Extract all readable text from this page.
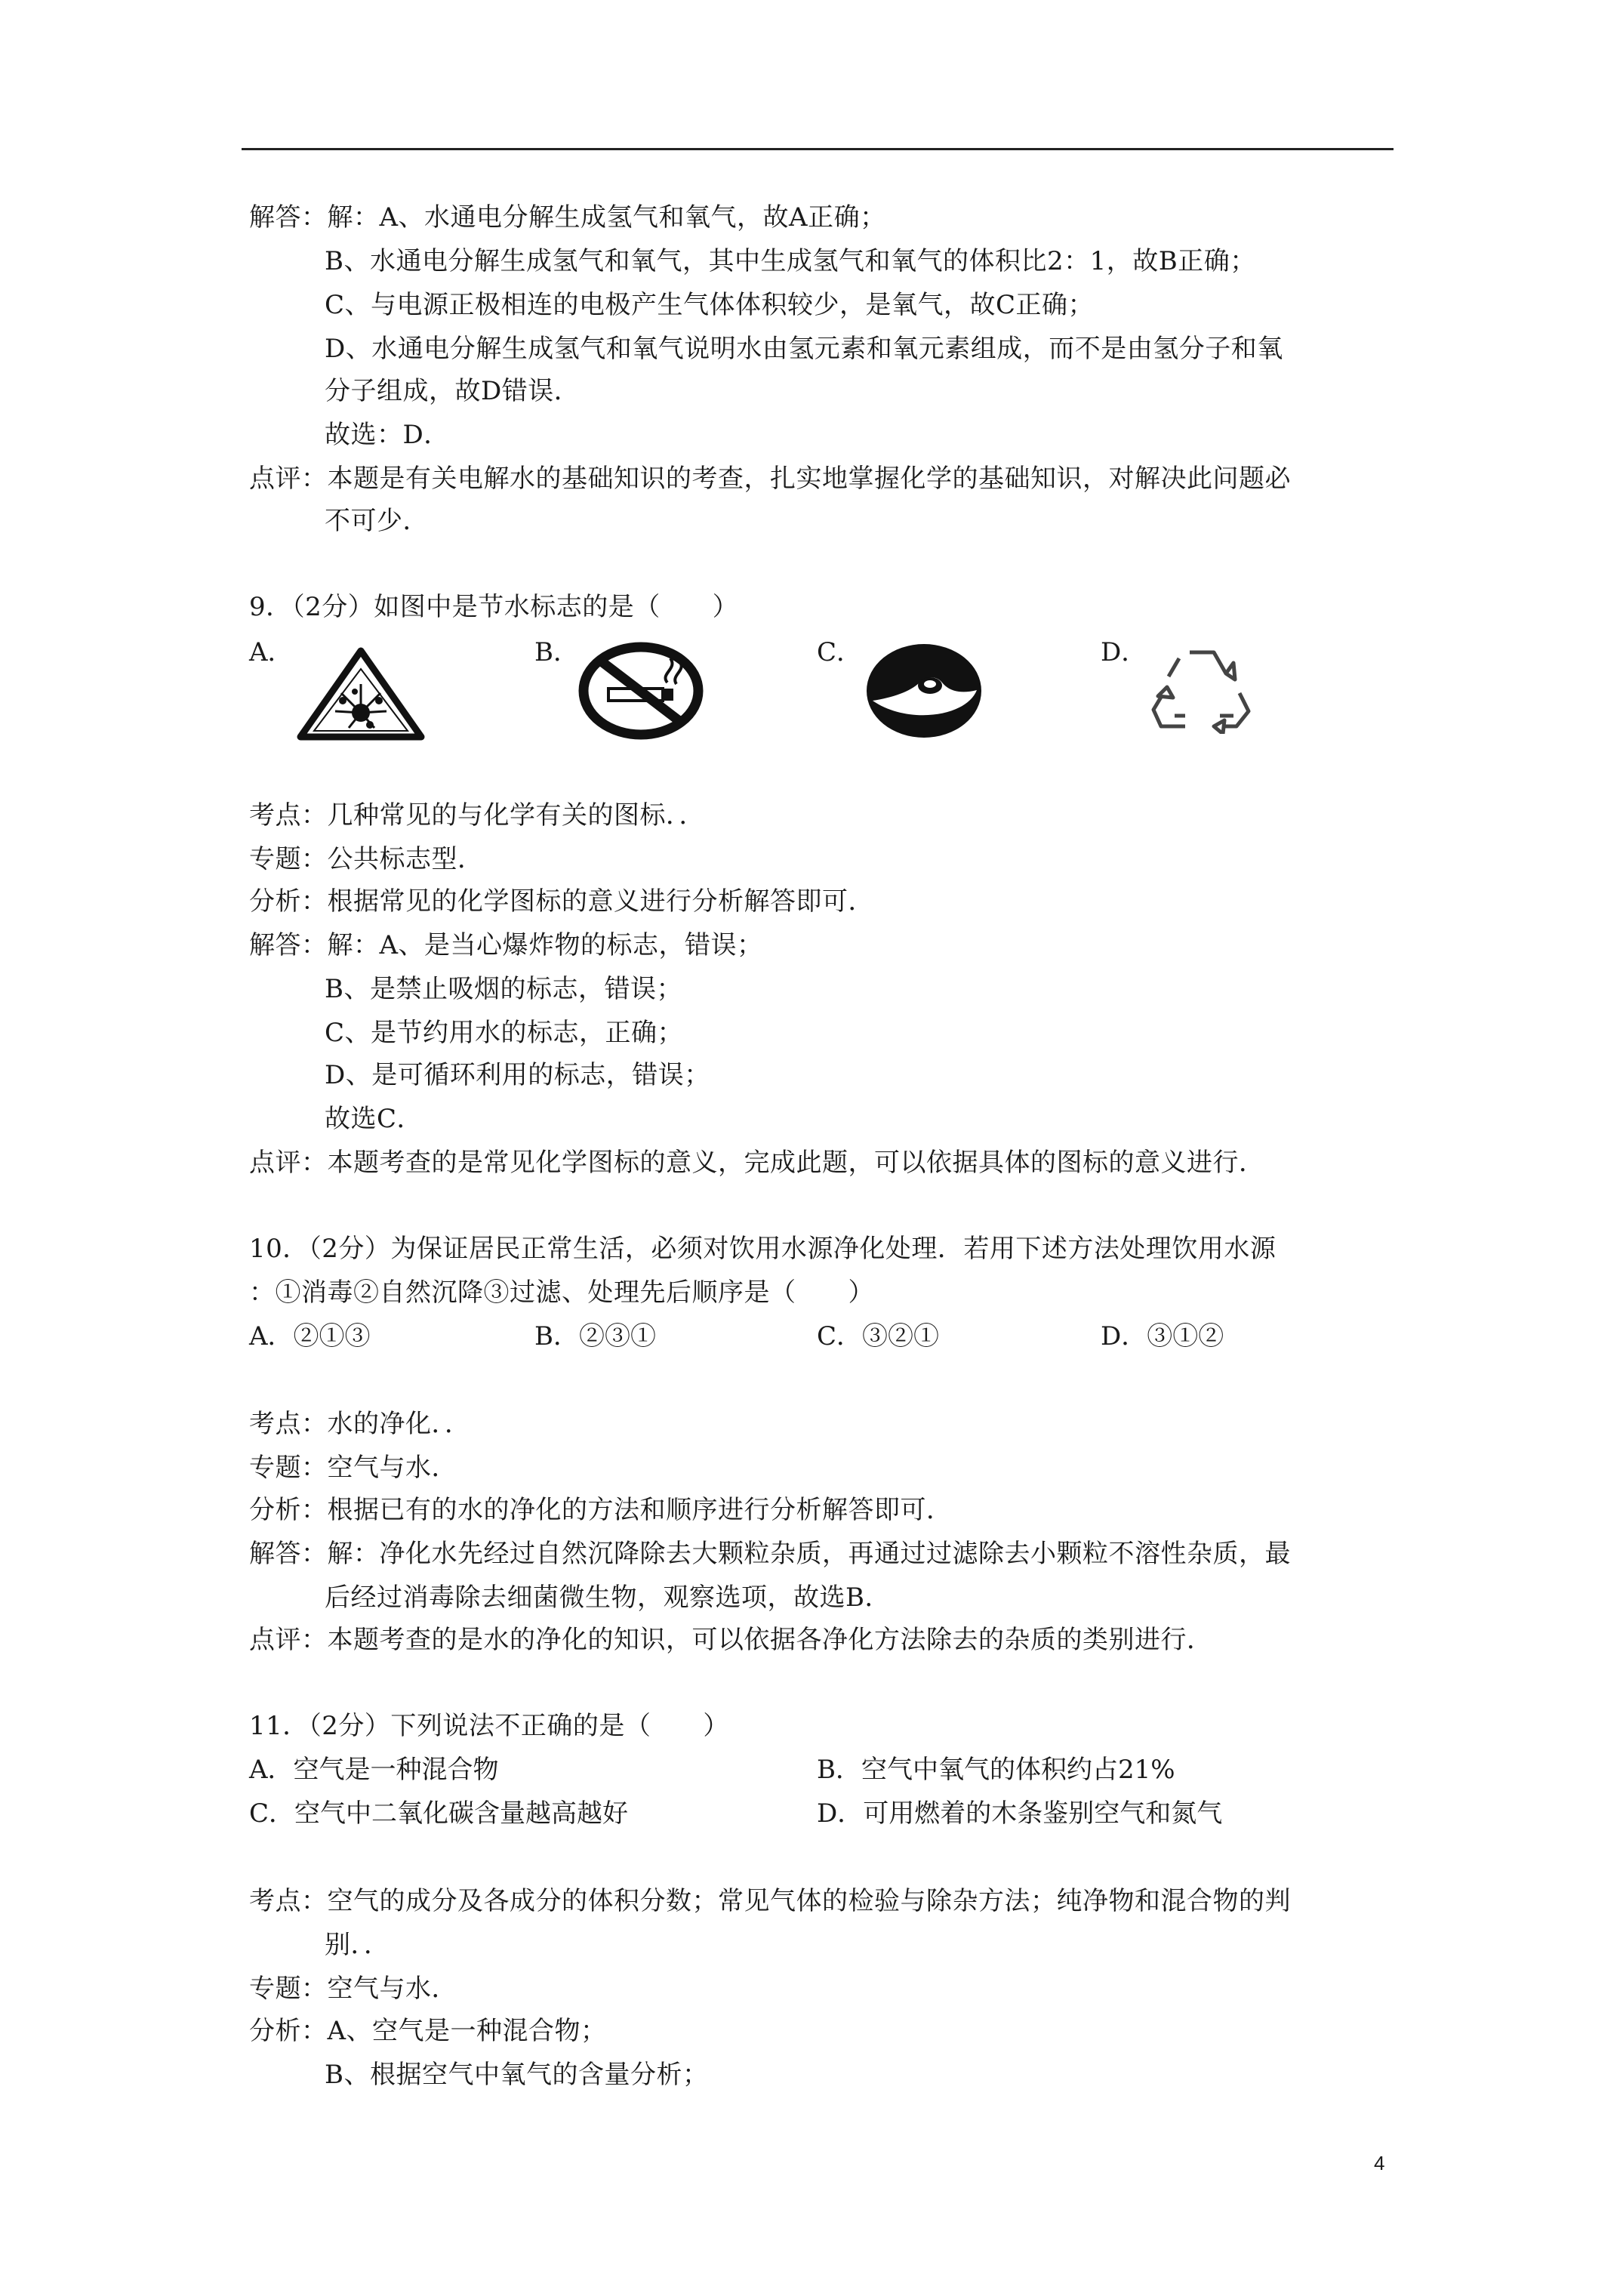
解答：解：A、水通电分解生成氢气和氧气，故A正确；
B、水通电分解生成氢气和氧气，其中生成氢气和氧气的体积比2：1，故B正确；
C、与电源正极相连的电极产生气体体积较少，是氧气，故C正确；
D、水通电分解生成氢气和氧气说明水由氢元素和氧元素组成，而不是由氢分子和氧
分子组成，故D错误．
故选：D．
点评：本题是有关电解水的基础知识的考查，扎实地掌握化学的基础知识，对解决此问题必
不可少．
9．（2分）如图中是节水标志的是（　　）
A．	B．	C．	D．
考点：几种常见的与化学有关的图标．．
专题：公共标志型．
分析：根据常见的化学图标的意义进行分析解答即可．
解答：解：A、是当心爆炸物的标志，错误；
B、是禁止吸烟的标志，错误；
C、是节约用水的标志，正确；
D、是可循环利用的标志，错误；
故选C．
点评：本题考查的是常见化学图标的意义，完成此题，可以依据具体的图标的意义进行．
10．（2分）为保证居民正常生活，必须对饮用水源净化处理．若用下述方法处理饮用水源
：①消毒②自然沉降③过滤、处理先后顺序是（　　）
A．②①③	B．②③①	C．③②①	D．③①②
考点：水的净化．．
专题：空气与水．
分析：根据已有的水的净化的方法和顺序进行分析解答即可．
解答：解：净化水先经过自然沉降除去大颗粒杂质，再通过过滤除去小颗粒不溶性杂质，最
后经过消毒除去细菌微生物，观察选项，故选B．
点评：本题考查的是水的净化的知识，可以依据各净化方法除去的杂质的类别进行．
11．（2分）下列说法不正确的是（　　）
A．空气是一种混合物	B．空气中氧气的体积约占21%
C．空气中二氧化碳含量越高越好	D．可用燃着的木条鉴别空气和氮气
考点：空气的成分及各成分的体积分数；常见气体的检验与除杂方法；纯净物和混合物的判
别．．
专题：空气与水．
分析：A、空气是一种混合物；
B、根据空气中氧气的含量分析；
4
